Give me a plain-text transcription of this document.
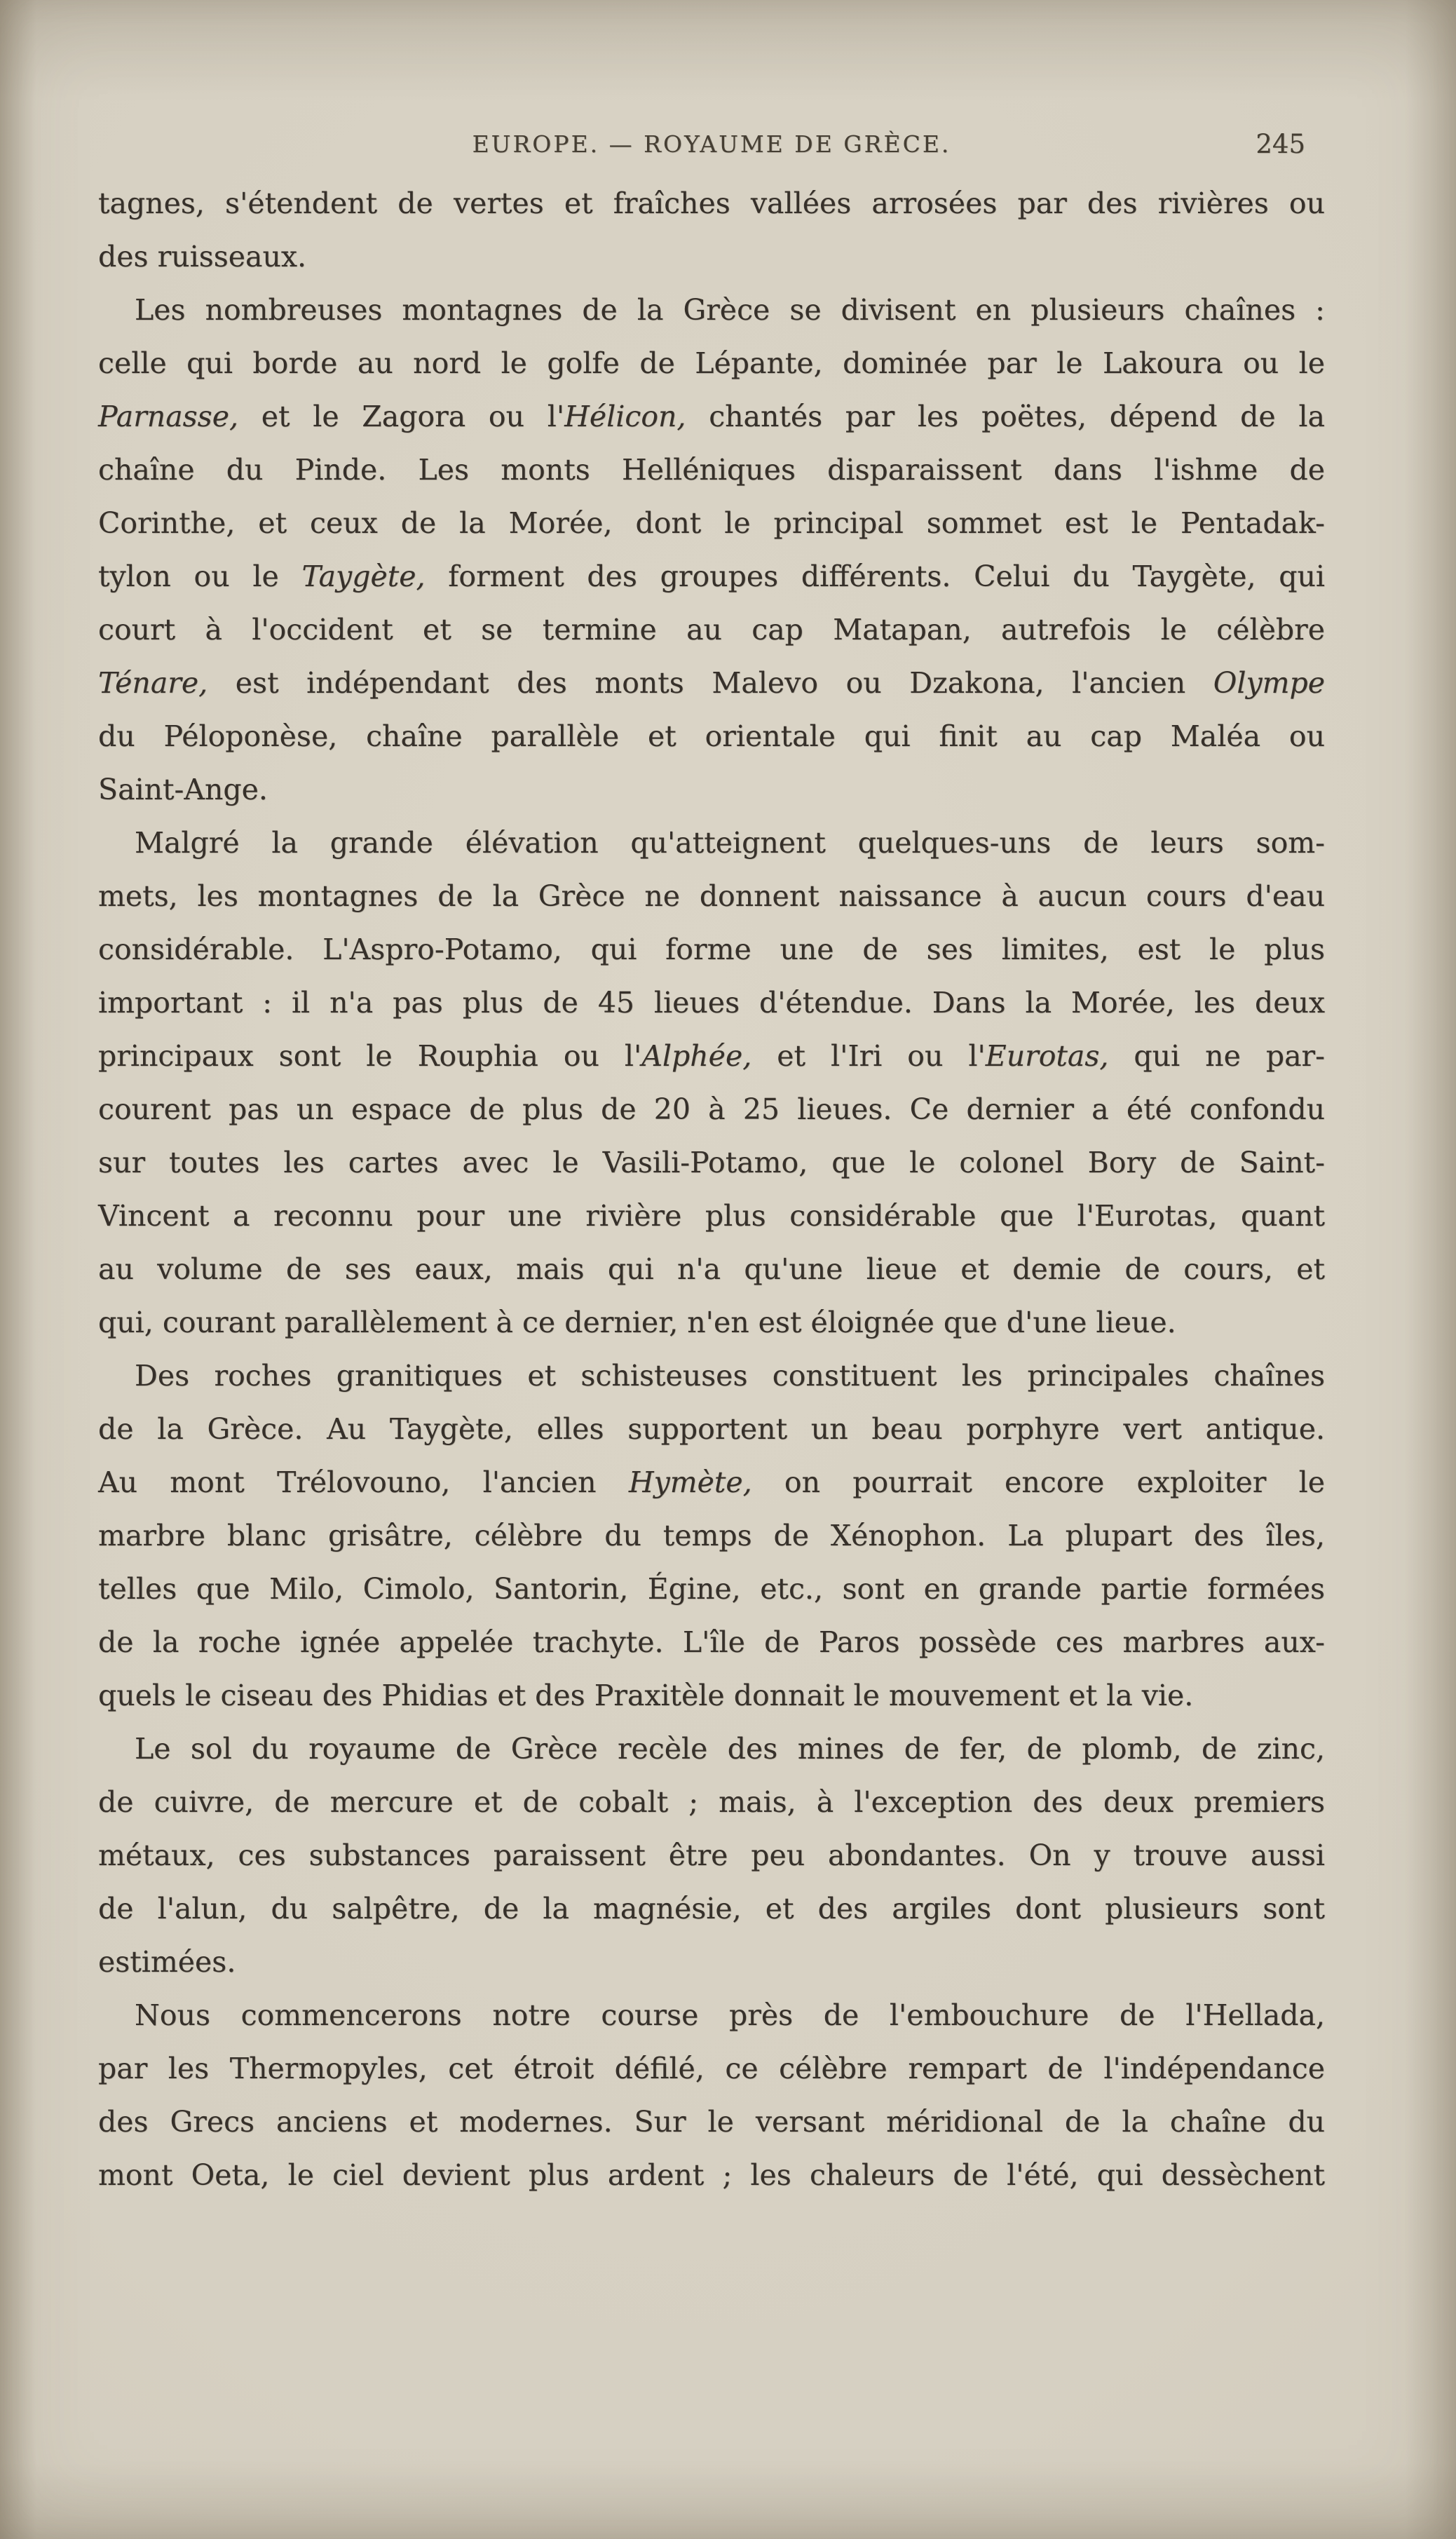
EUROPE. — ROYAUME DE GRÈCE.	245
tagnes, s'étendent de vertes et fraîches vallées arrosées par des rivières ou
des ruisseaux.
Les nombreuses montagnes de la Grèce se divisent en plusieurs chaînes :
celle qui borde au nord le golfe de Lépante, dominée par le Lakoura ou le
Parnasse, et le Zagora ou l'Hélicon, chantés par les poëtes, dépend de la
chaîne du Pinde. Les monts Helléniques disparaissent dans l'ishme de
Corinthe, et ceux de la Morée, dont le principal sommet est le Pentadak-
tylon ou le Taygète, forment des groupes différents. Celui du Taygète, qui
court à l'occident et se termine au cap Matapan, autrefois le célèbre
Ténare, est indépendant des monts Malevo ou Dzakona, l'ancien Olympe
du Péloponèse, chaîne parallèle et orientale qui finit au cap Maléa ou
Saint-Ange.
Malgré la grande élévation qu'atteignent quelques-uns de leurs som-
mets, les montagnes de la Grèce ne donnent naissance à aucun cours d'eau
considérable. L'Aspro-Potamo, qui forme une de ses limites, est le plus
important : il n'a pas plus de 45 lieues d'étendue. Dans la Morée, les deux
principaux sont le Rouphia ou l'Alphée, et l'Iri ou l'Eurotas, qui ne par-
courent pas un espace de plus de 20 à 25 lieues. Ce dernier a été confondu
sur toutes les cartes avec le Vasili-Potamo, que le colonel Bory de Saint-
Vincent a reconnu pour une rivière plus considérable que l'Eurotas, quant
au volume de ses eaux, mais qui n'a qu'une lieue et demie de cours, et
qui, courant parallèlement à ce dernier, n'en est éloignée que d'une lieue.
Des roches granitiques et schisteuses constituent les principales chaînes
de la Grèce. Au Taygète, elles supportent un beau porphyre vert antique.
Au mont Trélovouno, l'ancien Hymète, on pourrait encore exploiter le
marbre blanc grisâtre, célèbre du temps de Xénophon. La plupart des îles,
telles que Milo, Cimolo, Santorin, Égine, etc., sont en grande partie formées
de la roche ignée appelée trachyte. L'île de Paros possède ces marbres aux-
quels le ciseau des Phidias et des Praxitèle donnait le mouvement et la vie.
Le sol du royaume de Grèce recèle des mines de fer, de plomb, de zinc,
de cuivre, de mercure et de cobalt ; mais, à l'exception des deux premiers
métaux, ces substances paraissent être peu abondantes. On y trouve aussi
de l'alun, du salpêtre, de la magnésie, et des argiles dont plusieurs sont
estimées.
Nous commencerons notre course près de l'embouchure de l'Hellada,
par les Thermopyles, cet étroit défilé, ce célèbre rempart de l'indépendance
des Grecs anciens et modernes. Sur le versant méridional de la chaîne du
mont Oeta, le ciel devient plus ardent ; les chaleurs de l'été, qui dessèchent
